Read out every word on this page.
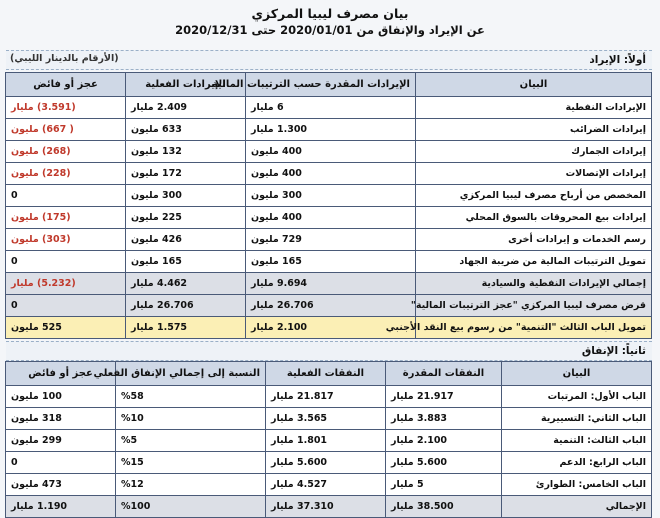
بيان مصرف ليبيا المركزي
عن الإيراد والإنفاق من 2020/01/01 حتى 2020/12/31
أولاً: الإيراد
(الأرقام بالدينار الليبي)
البيان	الإيرادات المقدرة حسب الترتيبات المالية	الإيرادات الفعلية	عجز أو فائض
الإيرادات النفطية	6 مليار	2.409 مليار	(3.591) مليار
إيرادات الضرائب	1.300 مليار	633 مليون	( 667) مليون
إيرادات الجمارك	400 مليون	132 مليون	(268) مليون
إيرادات الإتصالات	400 مليون	172 مليون	(228) مليون
المخصص من أرباح مصرف ليبيا المركزي	300 مليون	300 مليون	0
إيرادات بيع المحروقات بالسوق المحلي	400 مليون	225 مليون	(175) مليون
رسم الخدمات و إيرادات أخرى	729 مليون	426 مليون	(303) مليون
تمويل الترتيبات المالية من ضريبة الجهاد	165 مليون	165 مليون	0
إجمالي الإيرادات النفطية والسيادية	9.694 مليار	4.462 مليار	(5.232) مليار
قرض مصرف ليبيا المركزي "عجز الترتيبات المالية"	26.706 مليار	26.706 مليار	0
تمويل الباب الثالث "التنمية" من رسوم بيع النقد الأجنبي	2.100 مليار	1.575 مليار	525 مليون
ثانياً: الإنفاق
البيان	النفقات المقدرة	النفقات الفعلية	النسبة إلى إجمالي الإنفاق الفعلي	عجز أو فائض
الباب الأول: المرتبات	21.917 مليار	21.817 مليار	%58	100 مليون
الباب الثاني: التسييرية	3.883 مليار	3.565 مليار	%10	318 مليون
الباب الثالث: التنمية	2.100 مليار	1.801 مليار	%5	299 مليون
الباب الرابع: الدعم	5.600 مليار	5.600 مليار	%15	0
الباب الخامس: الطوارئ	5 مليار	4.527 مليار	%12	473 مليون
الإجمالي	38.500 مليار	37.310 مليار	%100	1.190 مليار
